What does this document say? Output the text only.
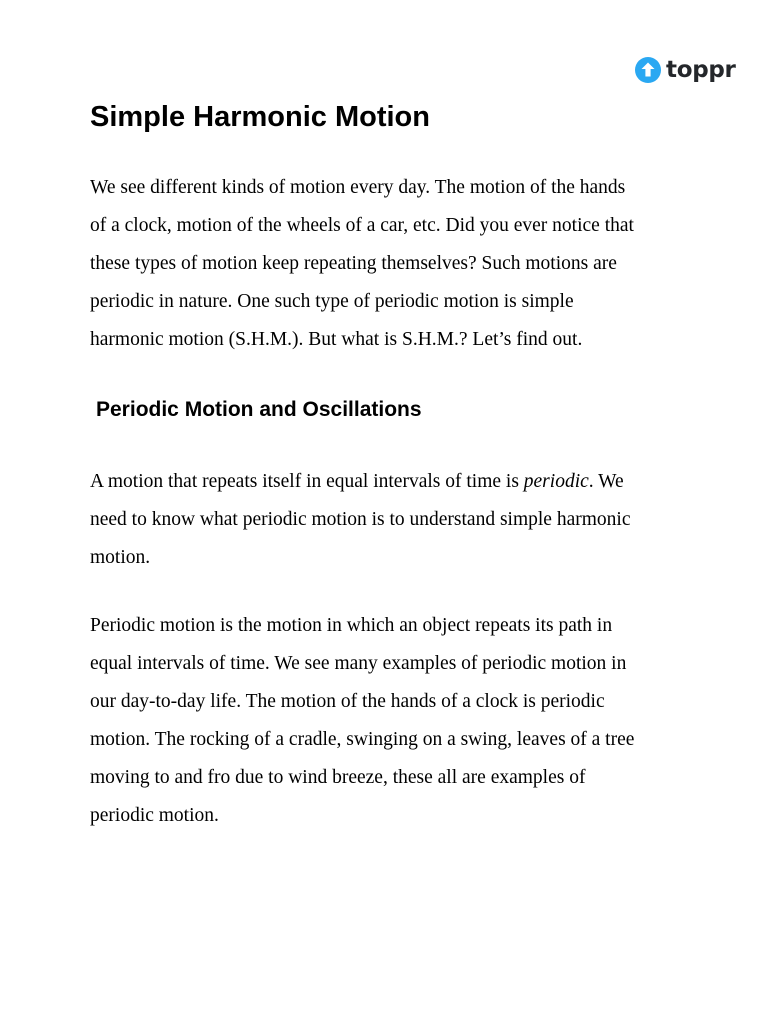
toppr
Simple Harmonic Motion

We see different kinds of motion every day. The motion of the hands
of a clock, motion of the wheels of a car, etc. Did you ever notice that
these types of motion keep repeating themselves? Such motions are
periodic in nature. One such type of periodic motion is simple
harmonic motion (S.H.M.). But what is S.H.M.? Let’s find out.

Periodic Motion and Oscillations

A motion that repeats itself in equal intervals of time is periodic. We
need to know what periodic motion is to understand simple harmonic
motion.

Periodic motion is the motion in which an object repeats its path in
equal intervals of time. We see many examples of periodic motion in
our day-to-day life. The motion of the hands of a clock is periodic
motion. The rocking of a cradle, swinging on a swing, leaves of a tree
moving to and fro due to wind breeze, these all are examples of
periodic motion.
